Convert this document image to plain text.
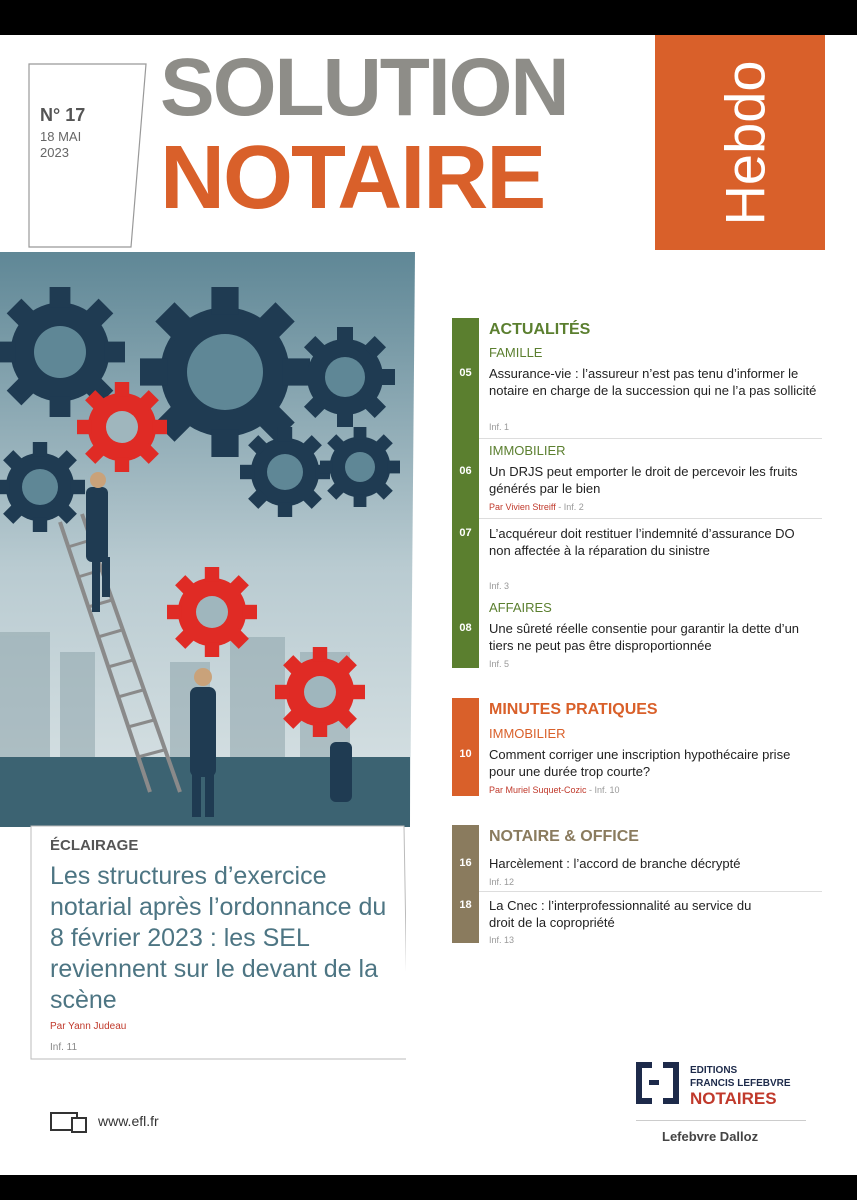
N° 17
18 MAI
2023
SOLUTION
NOTAIRE	Hebdo
ÉCLAIRAGE
Les structures d’exercice notarial après l’ordonnance du 8 février 2023 : les SEL reviennent sur le devant de la scène
Par Yann Judeau
Inf. 11
www.efl.fr
ACTUALITÉS
FAMILLE
05	Assurance-vie : l’assureur n’est pas tenu d’informer le notaire en charge de la succession qui ne l’a pas sollicité
Inf. 1
IMMOBILIER
06	Un DRJS peut emporter le droit de percevoir les fruits générés par le bien
Par Vivien Streiff - Inf. 2
07	L’acquéreur doit restituer l’indemnité d’assurance DO non affectée à la réparation du sinistre
Inf. 3
AFFAIRES
08	Une sûreté réelle consentie pour garantir la dette d’un tiers ne peut pas être disproportionnée
Inf. 5
MINUTES PRATIQUES
IMMOBILIER
10	Comment corriger une inscription hypothécaire prise pour une durée trop courte?
Par Muriel Suquet-Cozic - Inf. 10
NOTAIRE & OFFICE
16	Harcèlement : l’accord de branche décrypté
Inf. 12
18	La Cnec : l’interprofessionnalité au service du droit de la copropriété
Inf. 13
EDITIONS
FRANCIS LEFEBVRE
NOTAIRES
Lefebvre Dalloz
